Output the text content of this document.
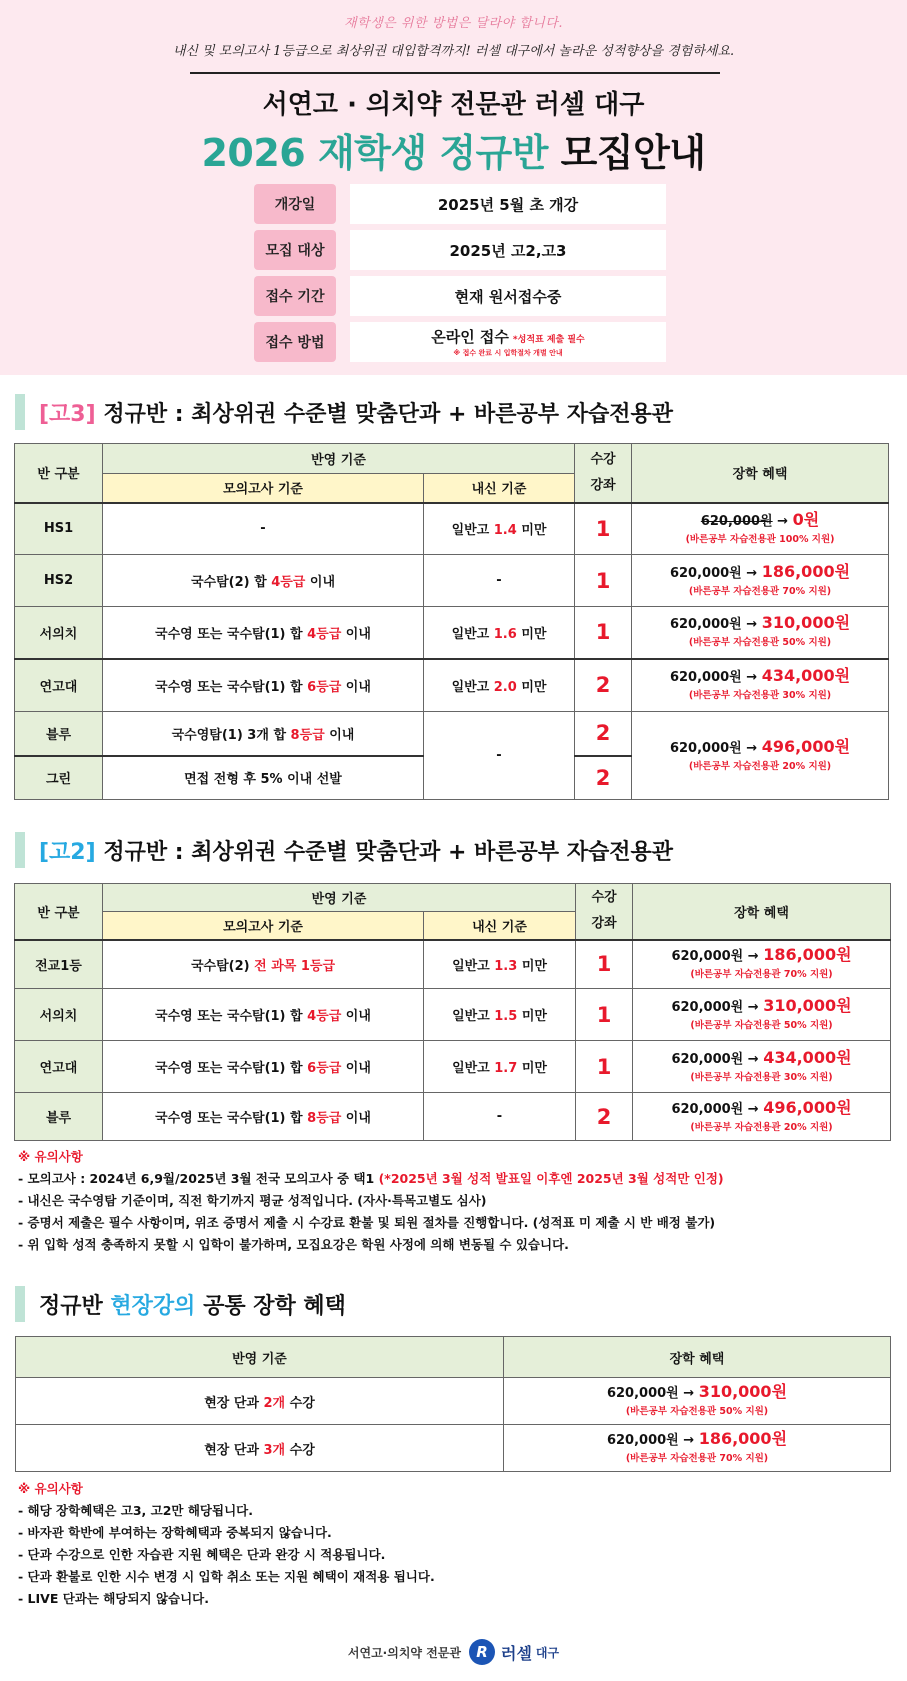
재학생은 위한 방법은 달라야 합니다.
내신 및 모의고사 1등급으로 최상위권 대입합격까지! 러셀 대구에서 놀라운 성적향상을 경험하세요.
서연고 · 의치약 전문관 러셀 대구
2026 재학생 정규반 모집안내
개강일	2025년 5월 초 개강
모집 대상	2025년 고2,고3
접수 기간	현재 원서접수중
접수 방법	온라인 접수 *성적표 제출 필수
※ 접수 완료 시 입학절차 개별 안내
[고3] 정규반 : 최상위권 수준별 맞춤단과 + 바른공부 자습전용관
반 구분	반영 기준		수강
강좌	장학 혜택
	모의고사 기준	내신 기준		
HS1	-	일반고 1.4 미만	1	620,000원 → 0원
(바른공부 자습전용관 100% 지원)

HS2	국수탐(2) 합 4등급 이내	-	1	620,000원 → 186,000원
(바른공부 자습전용관 70% 지원)

서의치	국수영 또는 국수탐(1) 합 4등급 이내	일반고 1.6 미만	1	620,000원 → 310,000원
(바른공부 자습전용관 50% 지원)

연고대	국수영 또는 국수탐(1) 합 6등급 이내	일반고 2.0 미만	2	620,000원 → 434,000원
(바른공부 자습전용관 30% 지원)

블루	국수영탐(1) 3개 합 8등급 이내	-	2	620,000원 → 496,000원
(바른공부 자습전용관 20% 지원)

그린	면접 전형 후 5% 이내 선발		2	
[고2] 정규반 : 최상위권 수준별 맞춤단과 + 바른공부 자습전용관
반 구분	반영 기준		수강
강좌	장학 혜택
	모의고사 기준	내신 기준		
전교1등	국수탐(2) 전 과목 1등급	일반고 1.3 미만	1	620,000원 → 186,000원
(바른공부 자습전용관 70% 지원)

서의치	국수영 또는 국수탐(1) 합 4등급 이내	일반고 1.5 미만	1	620,000원 → 310,000원
(바른공부 자습전용관 50% 지원)

연고대	국수영 또는 국수탐(1) 합 6등급 이내	일반고 1.7 미만	1	620,000원 → 434,000원
(바른공부 자습전용관 30% 지원)

블루	국수영 또는 국수탐(1) 합 8등급 이내	-	2	620,000원 → 496,000원
(바른공부 자습전용관 20% 지원)
※ 유의사항
- 모의고사 : 2024년 6,9월/2025년 3월 전국 모의고사 중 택1 (*2025년 3월 성적 발표일 이후엔 2025년 3월 성적만 인정)
- 내신은 국수영탐 기준이며, 직전 학기까지 평균 성적입니다. (자사·특목고별도 심사)
- 증명서 제출은 필수 사항이며, 위조 증명서 제출 시 수강료 환불 및 퇴원 절차를 진행합니다. (성적표 미 제출 시 반 배정 불가)
- 위 입학 성적 충족하지 못할 시 입학이 불가하며, 모집요강은 학원 사정에 의해 변동될 수 있습니다.
정규반 현장강의 공통 장학 혜택
반영 기준	장학 혜택
현장 단과 2개 수강	620,000원 → 310,000원
(바른공부 자습전용관 50% 지원)

현장 단과 3개 수강	620,000원 → 186,000원
(바른공부 자습전용관 70% 지원)
※ 유의사항
- 해당 장학혜택은 고3, 고2만 해당됩니다.
- 바자관 학반에 부여하는 장학혜택과 중복되지 않습니다.
- 단과 수강으로 인한 자습관 지원 혜택은 단과 완강 시 적용됩니다.
- 단과 환불로 인한 시수 변경 시 입학 취소 또는 지원 혜택이 재적용 됩니다.
- LIVE 단과는 해당되지 않습니다.
서연고·의치약 전문관	R 러셀 대구
